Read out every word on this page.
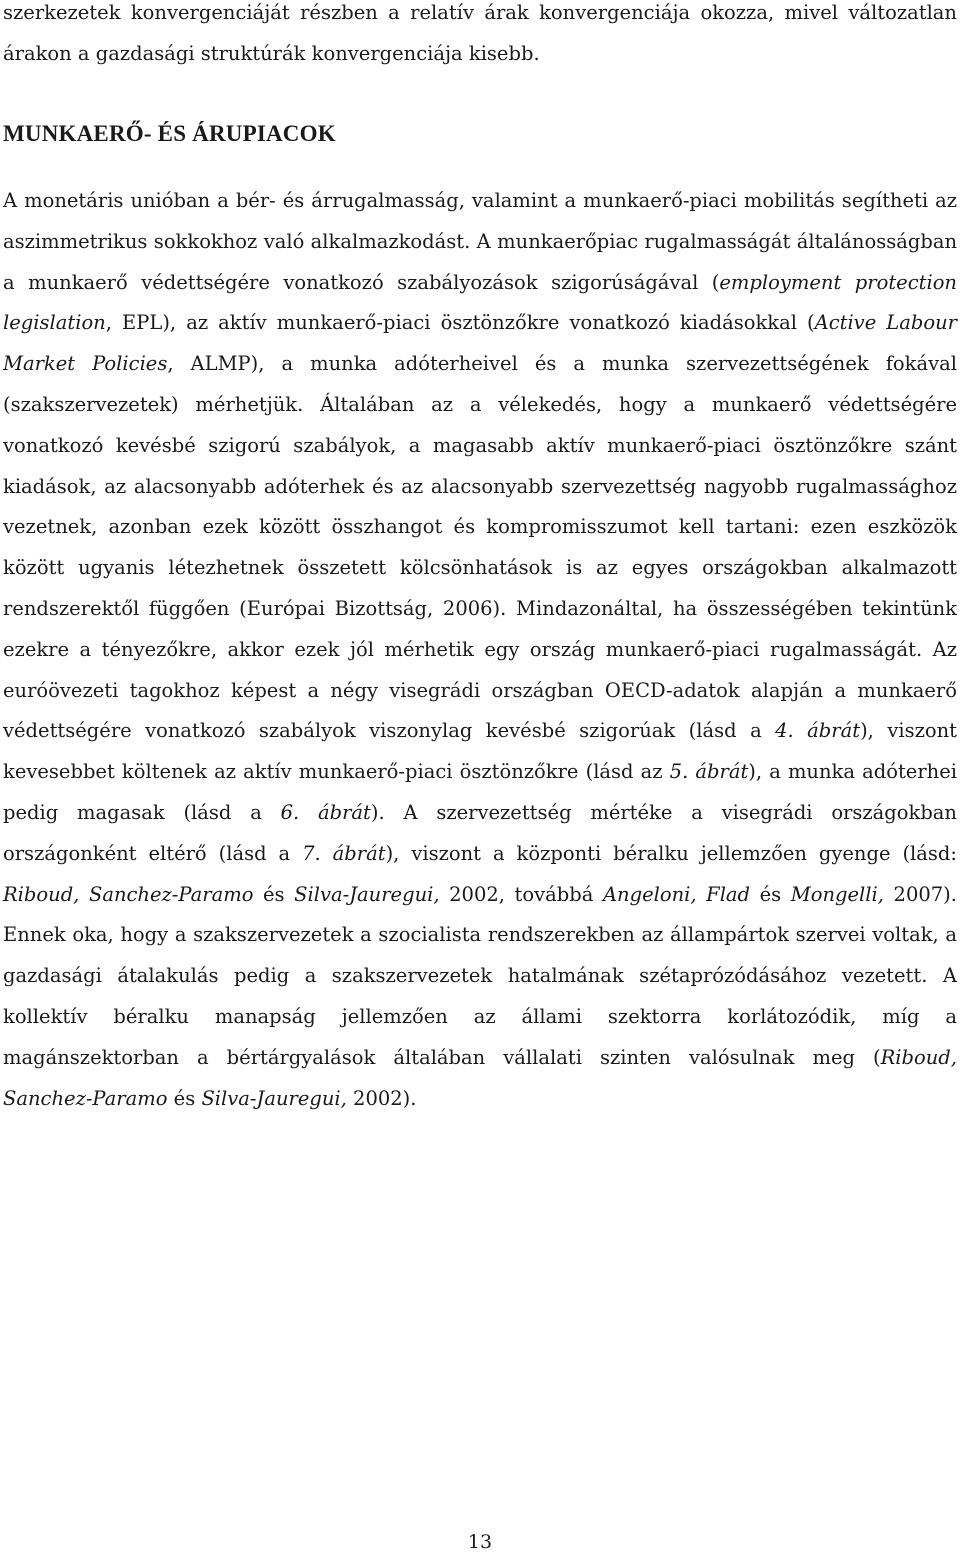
szerkezetek konvergenciáját részben a relatív árak konvergenciája okozza, mivel változatlan árakon a gazdasági struktúrák konvergenciája kisebb.

MUNKAERŐ- ÉS ÁRUPIACOK

A monetáris unióban a bér- és árrugalmasság, valamint a munkaerő-piaci mobilitás segítheti az aszimmetrikus sokkokhoz való alkalmazkodást. A munkaerőpiac rugalmasságát általánosságban a munkaerő védettségére vonatkozó szabályozások szigorúságával (employment protection legislation, EPL), az aktív munkaerő-piaci ösztönzőkre vonatkozó kiadásokkal (Active Labour Market Policies, ALMP), a munka adóterheivel és a munka szervezettségének fokával (szakszervezetek) mérhetjük. Általában az a vélekedés, hogy a munkaerő védettségére vonatkozó kevésbé szigorú szabályok, a magasabb aktív munkaerő-piaci ösztönzőkre szánt kiadások, az alacsonyabb adóterhek és az alacsonyabb szervezettség nagyobb rugalmassághoz vezetnek, azonban ezek között összhangot és kompromisszumot kell tartani: ezen eszközök között ugyanis létezhetnek összetett kölcsönhatások is az egyes országokban alkalmazott rendszerektől függően (Európai Bizottság, 2006). Mindazonáltal, ha összességében tekintünk ezekre a tényezőkre, akkor ezek jól mérhetik egy ország munkaerő-piaci rugalmasságát. Az euróövezeti tagokhoz képest a négy visegrádi országban OECD-adatok alapján a munkaerő védettségére vonatkozó szabályok viszonylag kevésbé szigorúak (lásd a 4. ábrát), viszont kevesebbet költenek az aktív munkaerő-piaci ösztönzőkre (lásd az 5. ábrát), a munka adóterhei pedig magasak (lásd a 6. ábrát). A szervezettség mértéke a visegrádi országokban országonként eltérő (lásd a 7. ábrát), viszont a központi béralku jellemzően gyenge (lásd: Riboud, Sanchez-Paramo és Silva-Jauregui, 2002, továbbá Angeloni, Flad és Mongelli, 2007). Ennek oka, hogy a szakszervezetek a szocialista rendszerekben az állampártok szervei voltak, a gazdasági átalakulás pedig a szakszervezetek hatalmának szétaprózódásához vezetett. A kollektív béralku manapság jellemzően az állami szektorra korlátozódik, míg a magánszektorban a bértárgyalások általában vállalati szinten valósulnak meg (Riboud, Sanchez-Paramo és Silva-Jauregui, 2002).

13
